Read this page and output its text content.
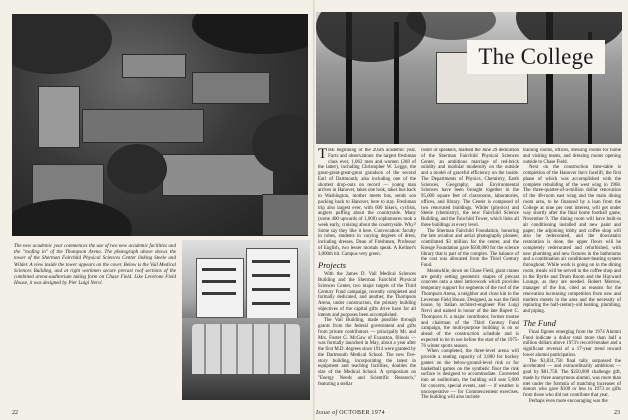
The new academic year commences the use of two new academic facilities and the "roofing in" of the Thompson Arena. The photograph above shows the tower of the Sherman Fairchild Physical Sciences Center linking Steele and Wilder. A view inside the tower appears on the cover. Below is the Vail Medical Sciences Building, and at right workmen secure precast roof sections of the combined arena-auditorium taking form on Chase Field. Like Leverone Field House, it was designed by Pier Luigi Nervi.
22
The College

THE beginning of the 205th academic year. Facts and observations: the largest freshman class ever, 1,062 men and women (268 of the latter), including Christopher W. Legge, the great-great-great-great grandson of the second Earl of Dartmouth; also including one of the shortest drop-outs on record — young man arrives in Hanover, takes one look, takes bus back to Washington, mother meets bus, sends son packing back to Hanover, here to stay. Freshman trip also largest ever, with 600 hikers, cyclists, anglers puffing about the countryside. Many (some 400 upwards of 1,000) sophomores took a week early, cruising about the countryside. Why? Some say they like it here. Convocation: faculty in robes, students in varying degrees of dress, including dresses. Dean of Freshmen, Professor of English, two lesser mortals speak. A Kellner's 3,000th hit. Campus very green.

Projects

With the James D. Vail Medical Sciences Building and the Sherman Fairchild Physical Sciences Center, two major targets of the Third Century Fund campaign, recently completed and formally dedicated, and another, the Thompson Arena, under construction, the primary building objectives of the capital gifts drive have for all intents and purposes been accomplished.

The Vail Building, made possible through grants from the federal government and gifts from private contributors — principally Mr. and Mrs. Foster G. McGaw of Evanston, Illinois — was formally launched in May, about a year after the first M.D. degrees since 1914 were granted by the Dartmouth Medical School. The new five-story building, incorporating the latest in equipment and teaching facilities, doubles the size of the Medical School. A symposium on "Energy Needs and Scientific Research," featuring a stellar

roster of speakers, marked the June 29 dedication of the Sherman Fairchild Physical Sciences Center, an ambitious marriage of red-brick solidity and modular modernity on the outside and a model of graceful efficiency on the inside. The Departments of Physics, Chemistry, Earth Sciences, Geography, and Environmental Sciences have been brought together in the 95,000 square feet of classrooms, laboratories, offices, and library. The Center is composed of two renovated buildings, Wilder (physics) and Steele (chemistry), the new Fairchild Science Building, and the Fairchild Tower, which links all three buildings at every level.

The Sherman Fairchild Foundation, honoring the late aviation and aerial photography pioneer, contributed $3 million for the center, and the Kresge Foundation gave $500,000 for the science library that is part of the complex. The balance of the cost was allocated from the Third Century Fund.

Meanwhile, down on Chase Field, giant cranes are gently setting geometric shapes of precast concrete onto a steel latticework which provides temporary support for segments of the roof of the Thompson Arena, a neighbor and close kin to the Leverone Field House. Designed, as was the field house, by Italian architect-engineer Pier Luigi Nervi and named in honor of the late Rupert C. Thompson Jr. a major contributor, former trustee and chairman of the Third Century Fund campaign, the multi-purpose building is on or ahead of the construction schedule and is expected to be in use before the start of the 1975-76 winter sports season.

When completed, the three-level arena will provide a seating capacity of 3,800 for hockey games on the below-ground-level rink or for basketball games on the synthetic floor the rink surface is designed to accommodate. Converted into an auditorium, the building will seat 5,000 for concerts, special events, and — if weather is uncooperative — for Commencement exercises. The building will also include

training rooms, offices, dressing rooms for home and visiting teams, and dressing rooms opening outside to Chase Field.

Next on the construction time-table is completion of the Hanover Inn's facelift, the first phase of which was accomplished with the complete rebuilding of the west wing in 1968. The three-quarter-of-a-million dollar renovation of the 48-room east wing and the main dining room area, to be financed by a loan from the College at nine per cent interest, will get under way shortly after the final home football game, November 9. The dining room will have built-in air conditioning installed and new paint and paper; the adjoining lobby and coffee shop will also be redecorated, and the downstairs restoration is done, the upper floors will be completely redecorated and refurbished, with new plumbing and new fixtures in the bathrooms and a combination air conditioner-heating system throughout. While work is going on in the dining room, meals will be served in the coffee shop and in the Byrtle and Drum Room and the Hayward Lounge, as they are needed. Robert Merrow, manager of the Inn, cited as reasons for the renovation increasing competition from new and modern motels in the area and the necessity of replacing the half-century-old heating, plumbing, and piping.

The Fund

Final figures emerging from the 1974 Alumni Fund indicate a dollar total more than half a million dollars above 1973's record-breaker and a significant reversal of a 17-year trend toward lower alumni participation.

The $3,831,758 final tally surpassed the accelerated — and extraordinarily ambitious — goal by $81,758. The $250,000 challenge gift, made by three anonymous alumni, was more than met under the formula of matching increases of donors who gave $100 or less in 1973 or gifts from those who did not contribute that year.

Perhaps even more encouraging was the

Issue of OCTOBER 1974	23
